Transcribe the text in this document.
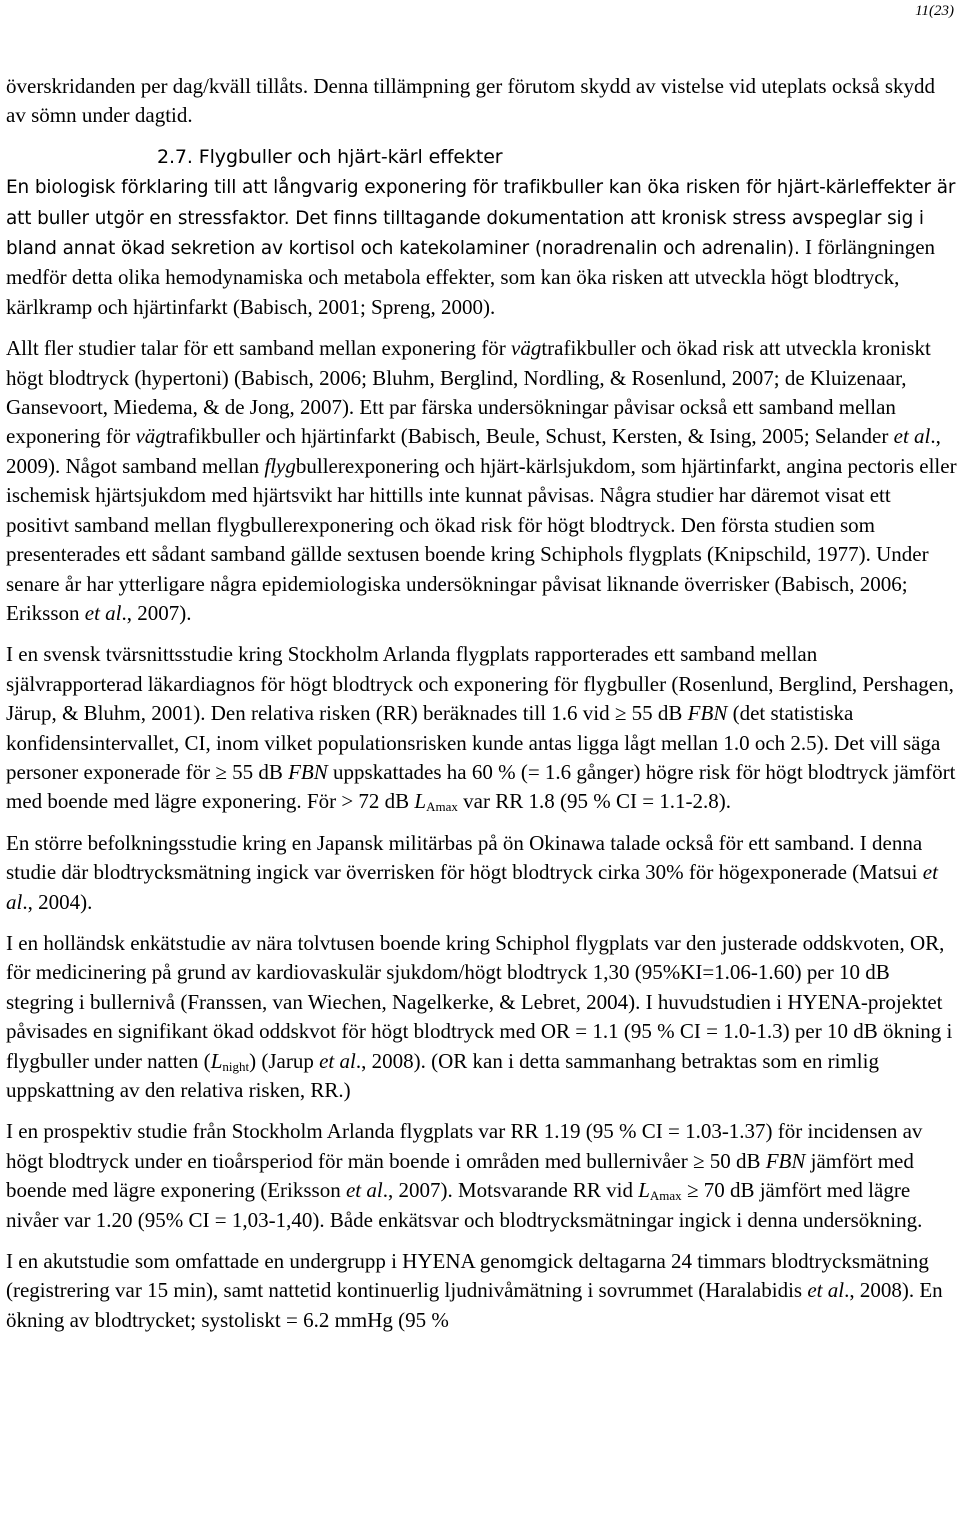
11(23)

överskridanden per dag/kväll tillåts. Denna tillämpning ger förutom skydd av vistelse vid uteplats också skydd av sömn under dagtid.

2.7. Flygbuller och hjärt-kärl effekter

En biologisk förklaring till att långvarig exponering för trafikbuller kan öka risken för hjärt-kärleffekter är att buller utgör en stressfaktor. Det finns tilltagande dokumentation att kronisk stress avspeglar sig i bland annat ökad sekretion av kortisol och katekolaminer (noradrenalin och adrenalin). I förlängningen medför detta olika hemodynamiska och metabola effekter, som kan öka risken att utveckla högt blodtryck, kärlkramp och hjärtinfarkt (Babisch, 2001; Spreng, 2000).

Allt fler studier talar för ett samband mellan exponering för vägtrafikbuller och ökad risk att utveckla kroniskt högt blodtryck (hypertoni) (Babisch, 2006; Bluhm, Berglind, Nordling, & Rosenlund, 2007; de Kluizenaar, Gansevoort, Miedema, & de Jong, 2007). Ett par färska undersökningar påvisar också ett samband mellan exponering för vägtrafikbuller och hjärtinfarkt (Babisch, Beule, Schust, Kersten, & Ising, 2005; Selander et al., 2009). Något samband mellan flygbullerexponering och hjärt-kärlsjukdom, som hjärtinfarkt, angina pectoris eller ischemisk hjärtsjukdom med hjärtsvikt har hittills inte kunnat påvisas. Några studier har däremot visat ett positivt samband mellan flygbullerexponering och ökad risk för högt blodtryck. Den första studien som presenterades ett sådant samband gällde sextusen boende kring Schiphols flygplats (Knipschild, 1977). Under senare år har ytterligare några epidemiologiska undersökningar påvisat liknande överrisker (Babisch, 2006; Eriksson et al., 2007).

I en svensk tvärsnittsstudie kring Stockholm Arlanda flygplats rapporterades ett samband mellan självrapporterad läkardiagnos för högt blodtryck och exponering för flygbuller (Rosenlund, Berglind, Pershagen, Järup, & Bluhm, 2001). Den relativa risken (RR) beräknades till 1.6 vid ≥ 55 dB FBN (det statistiska konfidensintervallet, CI, inom vilket populationsrisken kunde antas ligga lågt mellan 1.0 och 2.5). Det vill säga personer exponerade för ≥ 55 dB FBN uppskattades ha 60 % (= 1.6 gånger) högre risk för högt blodtryck jämfört med boende med lägre exponering. För > 72 dB $L_{Amax}$ var RR 1.8 (95 % CI = 1.1-2.8).

En större befolkningsstudie kring en Japansk militärbas på ön Okinawa talade också för ett samband. I denna studie där blodtrycksmätning ingick var överrisken för högt blodtryck cirka 30% för högexponerade (Matsui et al., 2004).

I en holländsk enkätstudie av nära tolvtusen boende kring Schiphol flygplats var den justerade oddskvoten, OR, för medicinering på grund av kardiovaskulär sjukdom/högt blodtryck 1,30 (95%KI=1.06-1.60) per 10 dB stegring i bullernivå (Franssen, van Wiechen, Nagelkerke, & Lebret, 2004). I huvudstudien i HYENA-projektet påvisades en signifikant ökad oddskvot för högt blodtryck med OR = 1.1 (95 % CI = 1.0-1.3) per 10 dB ökning i flygbuller under natten $(L_{night})$ (Jarup et al., 2008). (OR kan i detta sammanhang betraktas som en rimlig uppskattning av den relativa risken, RR.)

I en prospektiv studie från Stockholm Arlanda flygplats var RR 1.19 (95 % CI = 1.03-1.37) för incidensen av högt blodtryck under en tioårsperiod för män boende i områden med bullernivåer ≥ 50 dB FBN jämfört med boende med lägre exponering (Eriksson et al., 2007). Motsvarande RR vid $L_{Amax} \ge 70$ dB jämfört med lägre nivåer var 1.20 (95% CI = 1,03-1,40). Både enkätsvar och blodtrycksmätningar ingick i denna undersökning.

I en akutstudie som omfattade en undergrupp i HYENA genomgick deltagarna 24 timmars blodtrycksmätning (registrering var 15 min), samt nattetid kontinuerlig ljudnivåmätning i sovrummet (Haralabidis et al., 2008). En ökning av blodtrycket; systoliskt = 6.2 mmHg (95 %
